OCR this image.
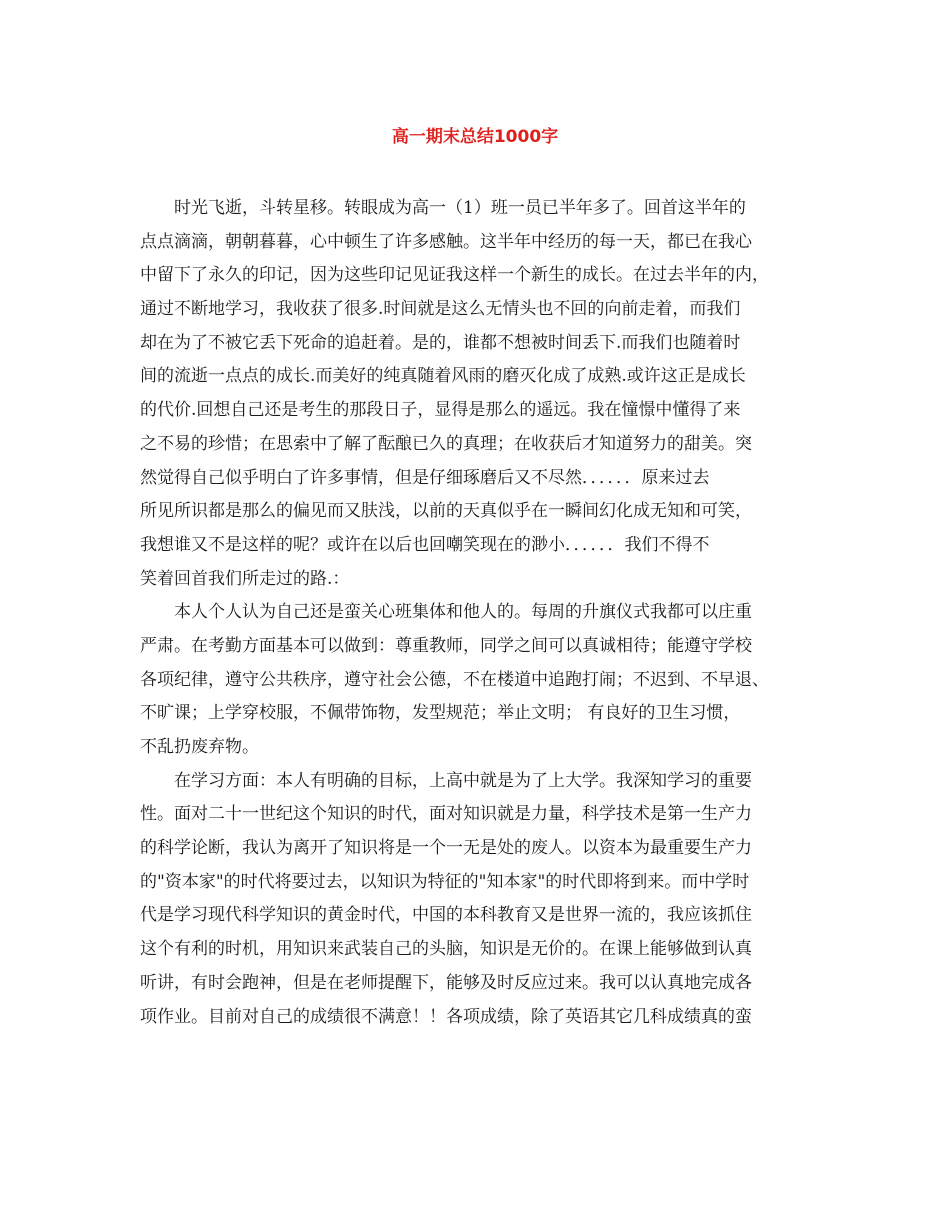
高一期末总结1000字
时光飞逝，斗转星移。转眼成为高一（1）班一员已半年多了。回首这半年的
点点滴滴，朝朝暮暮，心中顿生了许多感触。这半年中经历的每一天，都已在我心
中留下了永久的印记，因为这些印记见证我这样一个新生的成长。在过去半年的内，
通过不断地学习，我收获了很多.时间就是这么无情头也不回的向前走着，而我们
却在为了不被它丢下死命的追赶着。是的，谁都不想被时间丢下.而我们也随着时
间的流逝一点点的成长.而美好的纯真随着风雨的磨灭化成了成熟.或许这正是成长
的代价.回想自己还是考生的那段日子，显得是那么的遥远。我在憧憬中懂得了来
之不易的珍惜；在思索中了解了酝酿已久的真理；在收获后才知道努力的甜美。突
然觉得自己似乎明白了许多事情，但是仔细琢磨后又不尽然．．．．．．原来过去
所见所识都是那么的偏见而又肤浅，以前的天真似乎在一瞬间幻化成无知和可笑，
我想谁又不是这样的呢？或许在以后也回嘲笑现在的渺小．．．．．．我们不得不
笑着回首我们所走过的路.：
本人个人认为自己还是蛮关心班集体和他人的。每周的升旗仪式我都可以庄重
严肃。在考勤方面基本可以做到：尊重教师，同学之间可以真诚相待；能遵守学校
各项纪律，遵守公共秩序，遵守社会公德，不在楼道中追跑打闹；不迟到、不早退、
不旷课；上学穿校服，不佩带饰物，发型规范；举止文明； 有良好的卫生习惯，
不乱扔废弃物。
在学习方面：本人有明确的目标，上高中就是为了上大学。我深知学习的重要
性。面对二十一世纪这个知识的时代，面对知识就是力量，科学技术是第一生产力
的科学论断，我认为离开了知识将是一个一无是处的废人。以资本为最重要生产力
的"资本家"的时代将要过去，以知识为特征的"知本家"的时代即将到来。而中学时
代是学习现代科学知识的黄金时代，中国的本科教育又是世界一流的，我应该抓住
这个有利的时机，用知识来武装自己的头脑，知识是无价的。在课上能够做到认真
听讲，有时会跑神，但是在老师提醒下，能够及时反应过来。我可以认真地完成各
项作业。目前对自己的成绩很不满意！！各项成绩，除了英语其它几科成绩真的蛮
